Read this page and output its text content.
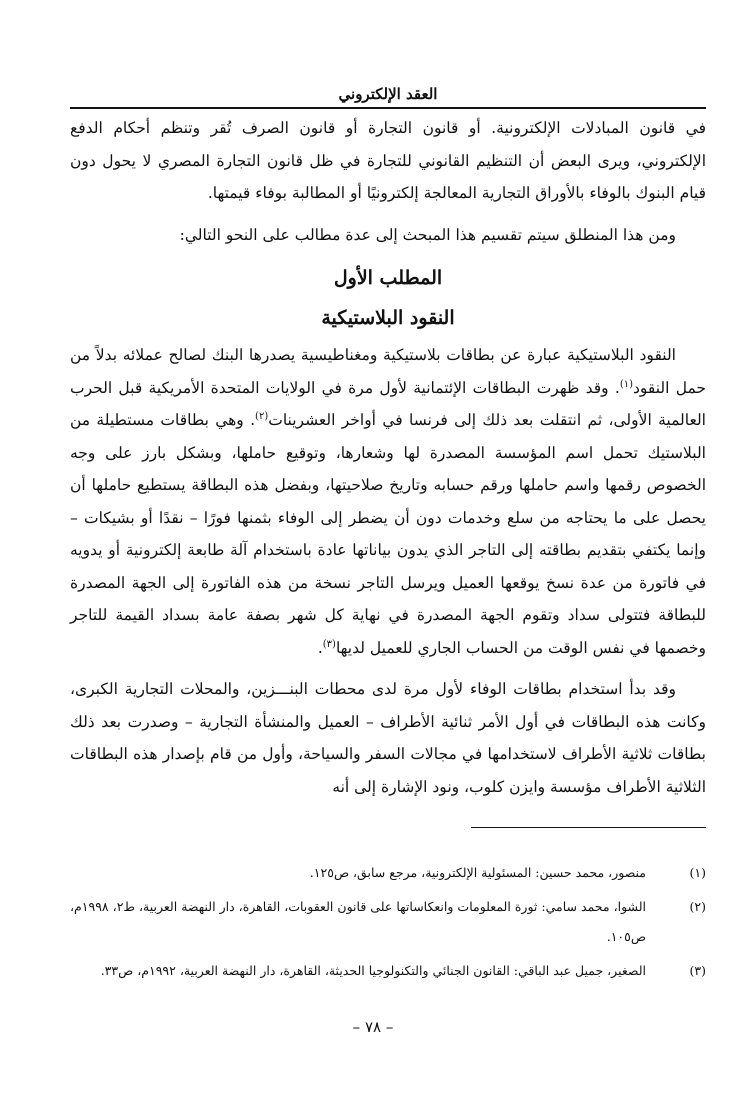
العقد الإلكتروني

في قانون المبادلات الإلكترونية. أو قانون التجارة أو قانون الصرف تُقر وتنظم أحكام الدفع الإلكتروني، ويرى البعض أن التنظيم القانوني للتجارة في ظل قانون التجارة المصري لا يحول دون قيام البنوك بالوفاء بالأوراق التجارية المعالجة إلكترونيًا أو المطالبة بوفاء قيمتها.

ومن هذا المنطلق سيتم تقسيم هذا المبحث إلى عدة مطالب على النحو التالي:

المطلب الأول
النقود البلاستيكية

النقود البلاستيكية عبارة عن بطاقات بلاستيكية ومغناطيسية يصدرها البنك لصالح عملائه بدلاً من حمل النقود$^{(١)}$. وقد ظهرت البطاقات الإئتمانية لأول مرة في الولايات المتحدة الأمريكية قبل الحرب العالمية الأولى، ثم انتقلت بعد ذلك إلى فرنسا في أواخر العشرينات$^{(٢)}$. وهي بطاقات مستطيلة من البلاستيك تحمل اسم المؤسسة المصدرة لها وشعارها، وتوقيع حاملها، وبشكل بارز على وجه الخصوص رقمها واسم حاملها ورقم حسابه وتاريخ صلاحيتها، وبفضل هذه البطاقة يستطيع حاملها أن يحصل على ما يحتاجه من سلع وخدمات دون أن يضطر إلى الوفاء بثمنها فورًا – نقدًا أو بشيكات – وإنما يكتفي بتقديم بطاقته إلى التاجر الذي يدون بياناتها عادة باستخدام آلة طابعة إلكترونية أو يدويه في فاتورة من عدة نسخ يوقعها العميل ويرسل التاجر نسخة من هذه الفاتورة إلى الجهة المصدرة للبطاقة فتتولى سداد وتقوم الجهة المصدرة في نهاية كل شهر بصفة عامة بسداد القيمة للتاجر وخصمها في نفس الوقت من الحساب الجاري للعميل لديها$^{(٣)}$.

وقد بدأ استخدام بطاقات الوفاء لأول مرة لدى محطات البنـــزين، والمحلات التجارية الكبرى، وكانت هذه البطاقات في أول الأمر ثنائية الأطراف – العميل والمنشأة التجارية – وصدرت بعد ذلك بطاقات ثلاثية الأطراف لاستخدامها في مجالات السفر والسياحة، وأول من قام بإصدار هذه البطاقات الثلاثية الأطراف مؤسسة وايزن كلوب، ونود الإشارة إلى أنه

(١)
منصور، محمد حسين: المسئولية الإلكترونية، مرجع سابق، ص١٢٥.
(٢)
الشوا، محمد سامي: ثورة المعلومات وانعكاساتها على قانون العقوبات، القاهرة، دار النهضة العربية، ط٢، ١٩٩٨م، ص١٠٥.
(٣)
الصغير، جميل عبد الباقي: القانون الجنائي والتكنولوجيا الحديثة، القاهرة، دار النهضة العربية، ١٩٩٢م، ص٣٣.
– ٧٨ –
